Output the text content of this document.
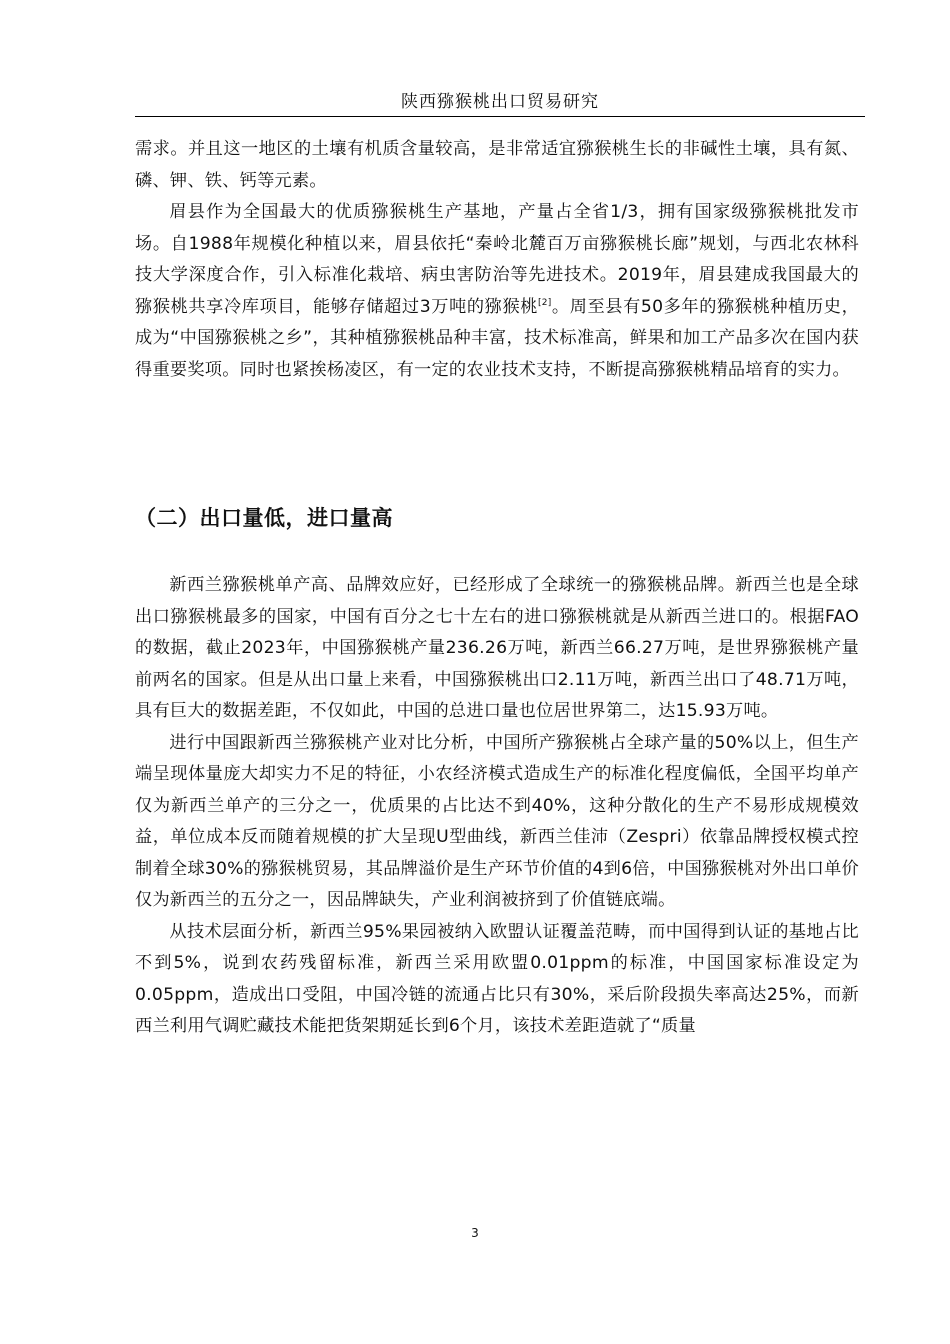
陕西猕猴桃出口贸易研究

需求。并且这一地区的土壤有机质含量较高，是非常适宜猕猴桃生长的非碱性土壤，具有氮、磷、钾、铁、钙等元素。

眉县作为全国最大的优质猕猴桃生产基地，产量占全省1/3，拥有国家级猕猴桃批发市场。自1988年规模化种植以来，眉县依托“秦岭北麓百万亩猕猴桃长廊”规划，与西北农林科技大学深度合作，引入标准化栽培、病虫害防治等先进技术。2019年，眉县建成我国最大的猕猴桃共享冷库项目，能够存储超过3万吨的猕猴桃[2]。周至县有50多年的猕猴桃种植历史，成为“中国猕猴桃之乡”，其种植猕猴桃品种丰富，技术标准高，鲜果和加工产品多次在国内获得重要奖项。同时也紧挨杨凌区，有一定的农业技术支持，不断提高猕猴桃精品培育的实力。

（二）出口量低，进口量高

新西兰猕猴桃单产高、品牌效应好，已经形成了全球统一的猕猴桃品牌。新西兰也是全球出口猕猴桃最多的国家，中国有百分之七十左右的进口猕猴桃就是从新西兰进口的。根据FAO的数据，截止2023年，中国猕猴桃产量236.26万吨，新西兰66.27万吨，是世界猕猴桃产量前两名的国家。但是从出口量上来看，中国猕猴桃出口2.11万吨，新西兰出口了48.71万吨，具有巨大的数据差距，不仅如此，中国的总进口量也位居世界第二，达15.93万吨。

进行中国跟新西兰猕猴桃产业对比分析，中国所产猕猴桃占全球产量的50%以上，但生产端呈现体量庞大却实力不足的特征，小农经济模式造成生产的标准化程度偏低，全国平均单产仅为新西兰单产的三分之一，优质果的占比达不到40%，这种分散化的生产不易形成规模效益，单位成本反而随着规模的扩大呈现U型曲线，新西兰佳沛（Zespri）依靠品牌授权模式控制着全球30%的猕猴桃贸易，其品牌溢价是生产环节价值的4到6倍，中国猕猴桃对外出口单价仅为新西兰的五分之一，因品牌缺失，产业利润被挤到了价值链底端。

从技术层面分析，新西兰95%果园被纳入欧盟认证覆盖范畴，而中国得到认证的基地占比不到5%，说到农药残留标准，新西兰采用欧盟0.01ppm的标准，中国国家标准设定为0.05ppm，造成出口受阻，中国冷链的流通占比只有30%，采后阶段损失率高达25%，而新西兰利用气调贮藏技术能把货架期延长到6个月，该技术差距造就了“质量

3
